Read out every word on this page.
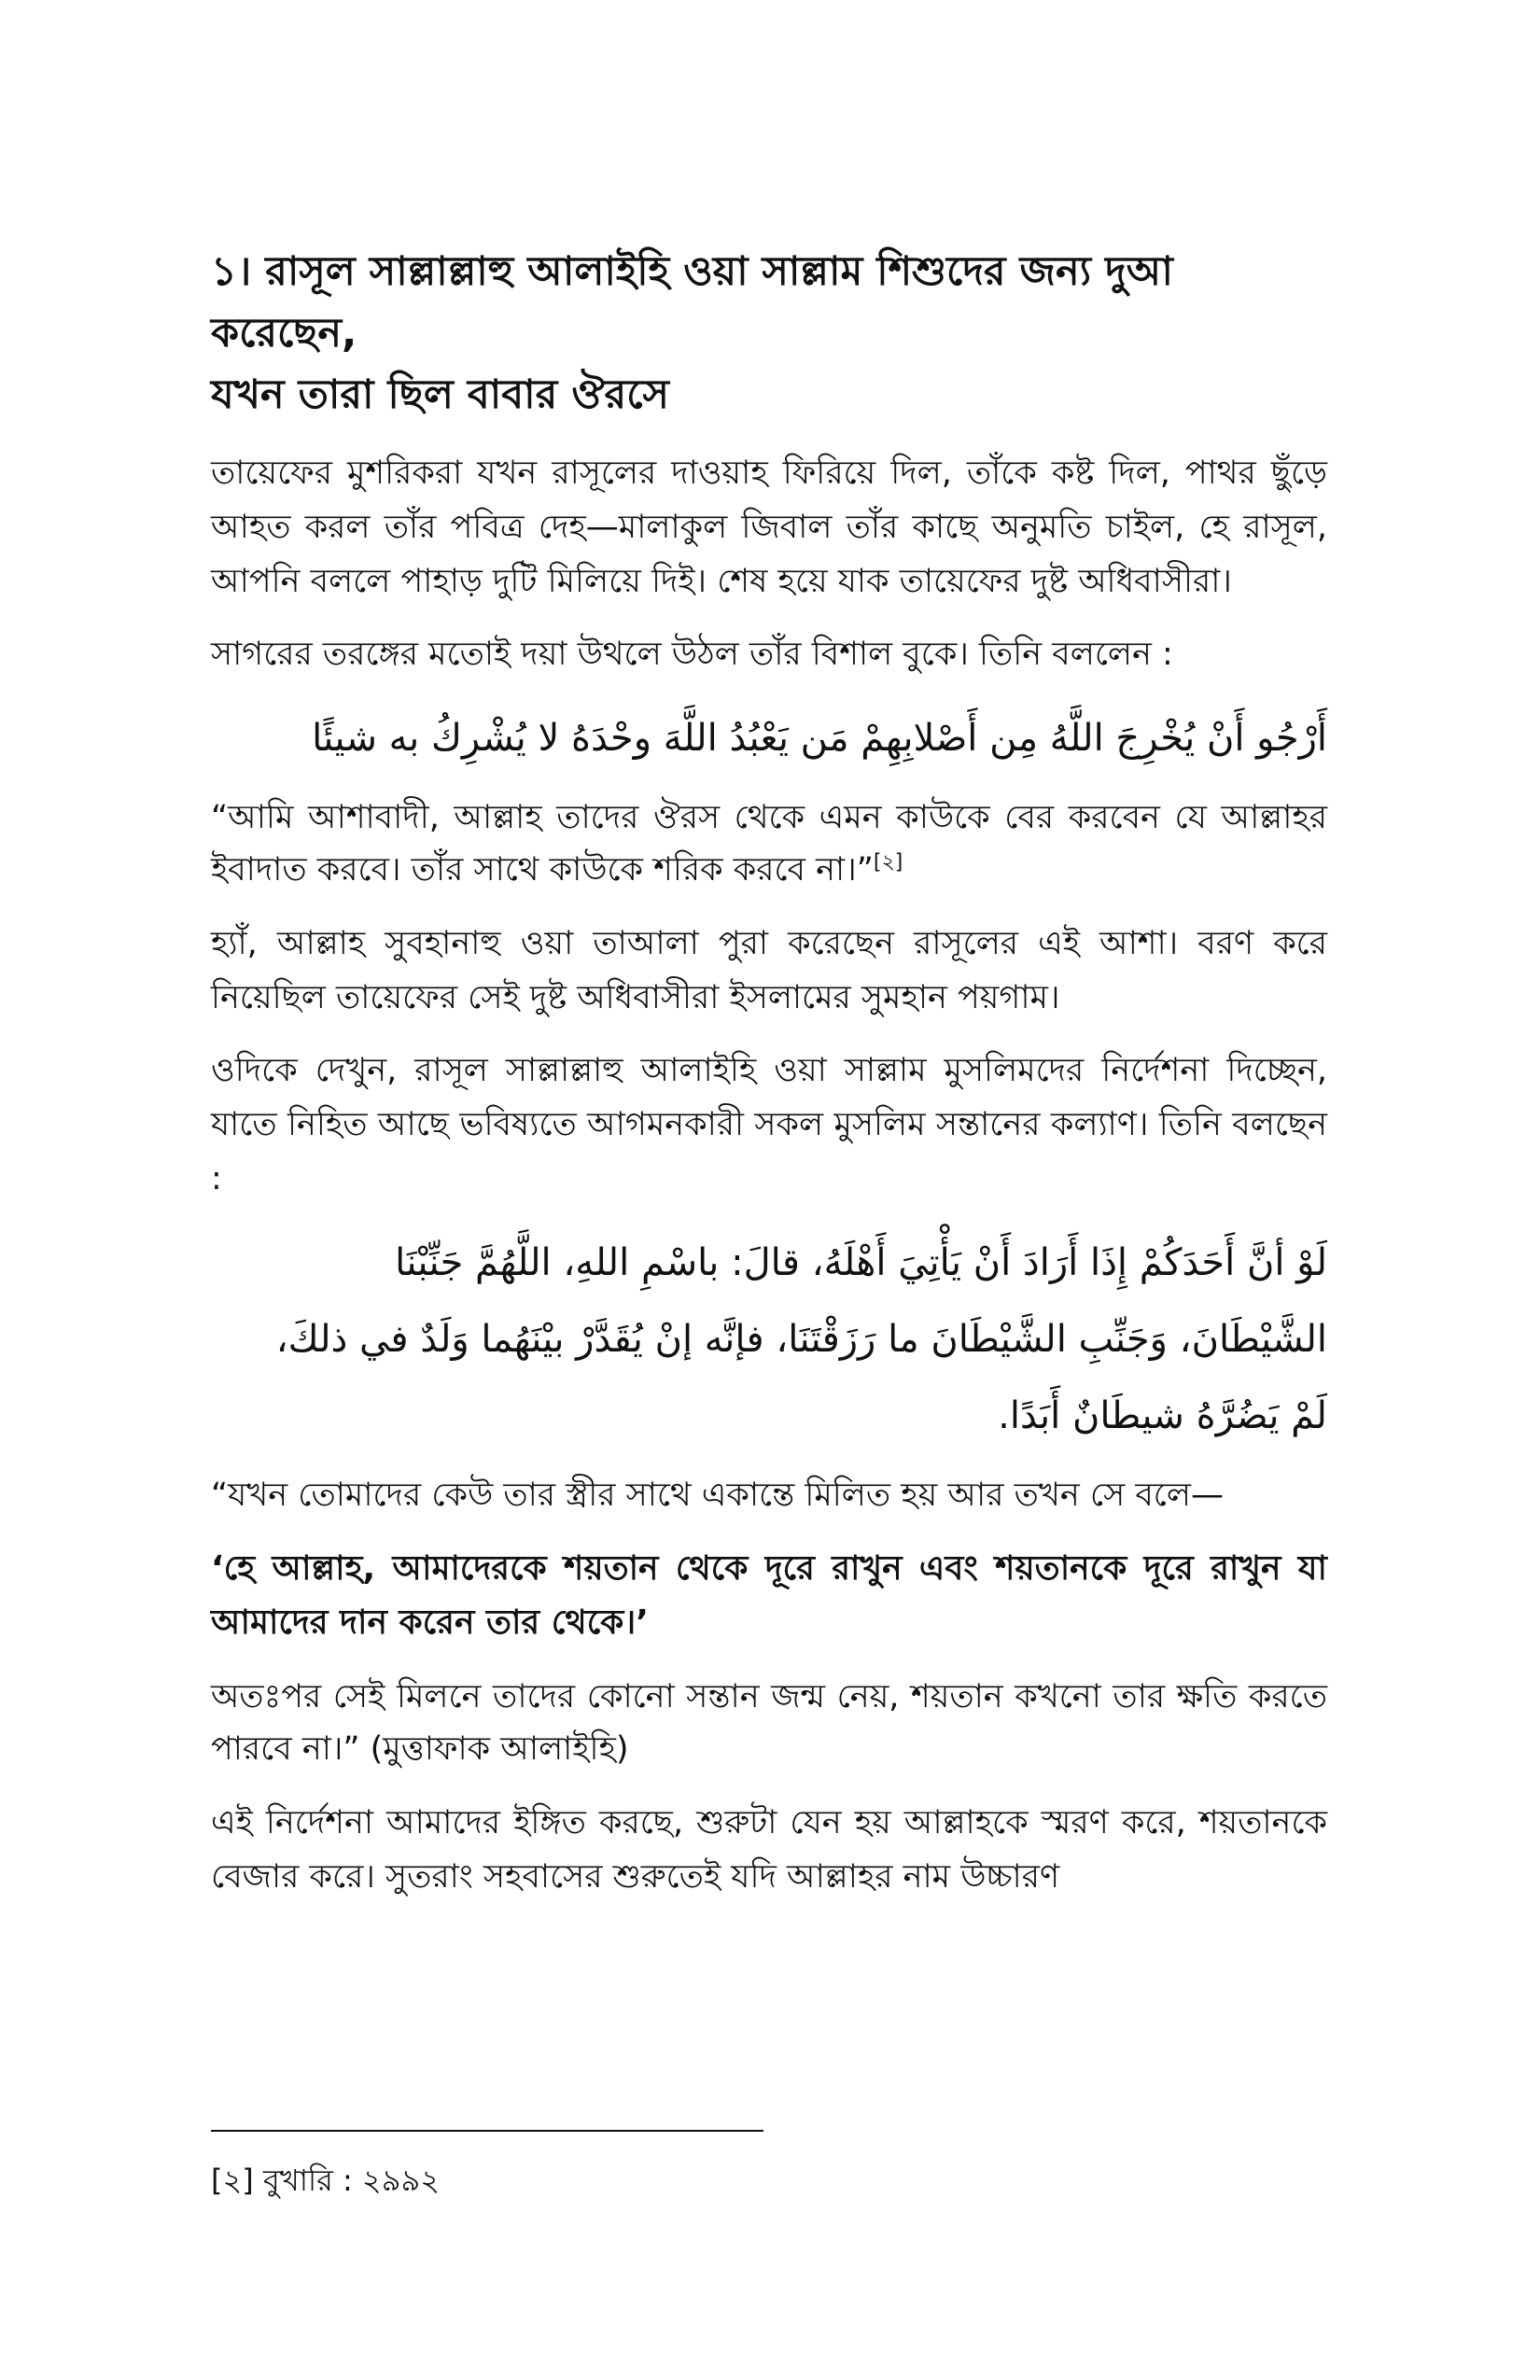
১। রাসূল সাল্লাল্লাহু আলাইহি ওয়া সাল্লাম শিশুদের জন্য দুআ করেছেন,
যখন তারা ছিল বাবার ঔরসে

তায়েফের মুশরিকরা যখন রাসূলের দাওয়াহ ফিরিয়ে দিল, তাঁকে কষ্ট দিল, পাথর ছুঁড়ে আহত করল তাঁর পবিত্র দেহ—মালাকুল জিবাল তাঁর কাছে অনুমতি চাইল, হে রাসূল, আপনি বললে পাহাড় দুটি মিলিয়ে দিই। শেষ হয়ে যাক তায়েফের দুষ্ট অধিবাসীরা।

সাগরের তরঙ্গের মতোই দয়া উথলে উঠল তাঁর বিশাল বুকে। তিনি বললেন :

أَرْجُو أَنْ يُخْرِجَ اللَّهُ مِن أَصْلابِهِمْ مَن يَعْبُدُ اللَّهَ وحْدَهُ لا يُشْرِكُ به شيئًا

“আমি আশাবাদী, আল্লাহ তাদের ঔরস থেকে এমন কাউকে বের করবেন যে আল্লাহর ইবাদাত করবে। তাঁর সাথে কাউকে শরিক করবে না।”[২]

হ্যাঁ, আল্লাহ সুবহানাহু ওয়া তাআলা পুরা করেছেন রাসূলের এই আশা। বরণ করে নিয়েছিল তায়েফের সেই দুষ্ট অধিবাসীরা ইসলামের সুমহান পয়গাম।

ওদিকে দেখুন, রাসূল সাল্লাল্লাহু আলাইহি ওয়া সাল্লাম মুসলিমদের নির্দেশনা দিচ্ছেন, যাতে নিহিত আছে ভবিষ্যতে আগমনকারী সকল মুসলিম সন্তানের কল্যাণ। তিনি বলছেন :

لَوْ أنَّ أَحَدَكُمْ إِذَا أَرَادَ أَنْ يَأْتِيَ أَهْلَهُ، قالَ: باسْمِ اللهِ، اللَّهُمَّ جَنِّبْنَا الشَّيْطَانَ، وَجَنِّبِ الشَّيْطَانَ ما رَزَقْتَنَا، فإنَّه إنْ يُقَدَّرْ بيْنَهُما وَلَدٌ في ذلكَ، لَمْ يَضُرَّهُ شيطَانٌ أَبَدًا.

“যখন তোমাদের কেউ তার স্ত্রীর সাথে একান্তে মিলিত হয় আর তখন সে বলে—

‘হে আল্লাহ, আমাদেরকে শয়তান থেকে দূরে রাখুন এবং শয়তানকে দূরে রাখুন যা আমাদের দান করেন তার থেকে।’

অতঃপর সেই মিলনে তাদের কোনো সন্তান জন্ম নেয়, শয়তান কখনো তার ক্ষতি করতে পারবে না।” (মুত্তাফাক আলাইহি)

এই নির্দেশনা আমাদের ইঙ্গিত করছে, শুরুটা যেন হয় আল্লাহকে স্মরণ করে, শয়তানকে বেজার করে। সুতরাং সহবাসের শুরুতেই যদি আল্লাহর নাম উচ্চারণ

[২] বুখারি : ২৯৯২
